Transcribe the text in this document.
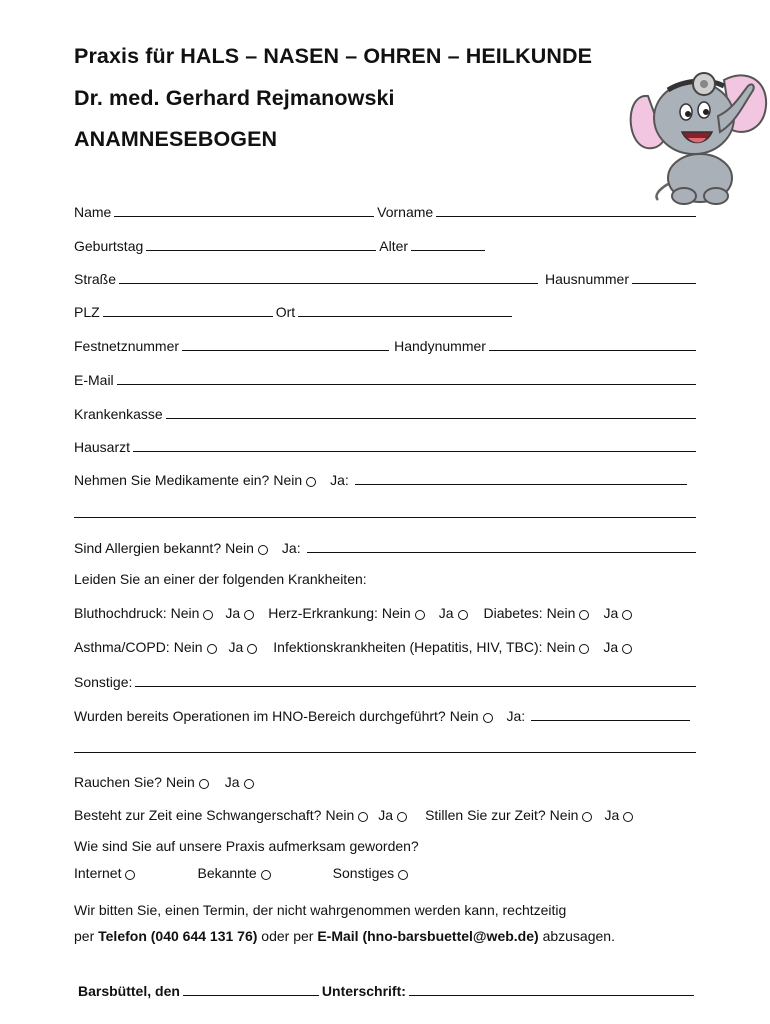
Praxis für HALS – NASEN – OHREN – HEILKUNDE
Dr. med. Gerhard Rejmanowski
ANAMNESEBOGEN
Name	Vorname
Geburtstag	Alter
Straße	Hausnummer
PLZ	Ort
Festnetznummer	Handynummer
E-Mail
Krankenkasse
Hausarzt
Nehmen Sie Medikamente ein? Nein Ja:
Sind Allergien bekannt? Nein Ja:
Leiden Sie an einer der folgenden Krankheiten:
Bluthochdruck: Nein Ja Herz-Erkrankung: Nein Ja Diabetes: Nein Ja
Asthma/COPD: Nein Ja Infektionskrankheiten (Hepatitis, HIV, TBC): Nein Ja
Sonstige:
Wurden bereits Operationen im HNO-Bereich durchgeführt? Nein Ja:
Rauchen Sie? Nein Ja
Besteht zur Zeit eine Schwangerschaft? Nein Ja Stillen Sie zur Zeit? Nein Ja
Wie sind Sie auf unsere Praxis aufmerksam geworden?
Internet	Bekannte	Sonstiges
Wir bitten Sie, einen Termin, der nicht wahrgenommen werden kann, rechtzeitig
per Telefon (040 644 131 76) oder per E-Mail (hno-barsbuettel@web.de) abzusagen.
Barsbüttel, den	Unterschrift:
